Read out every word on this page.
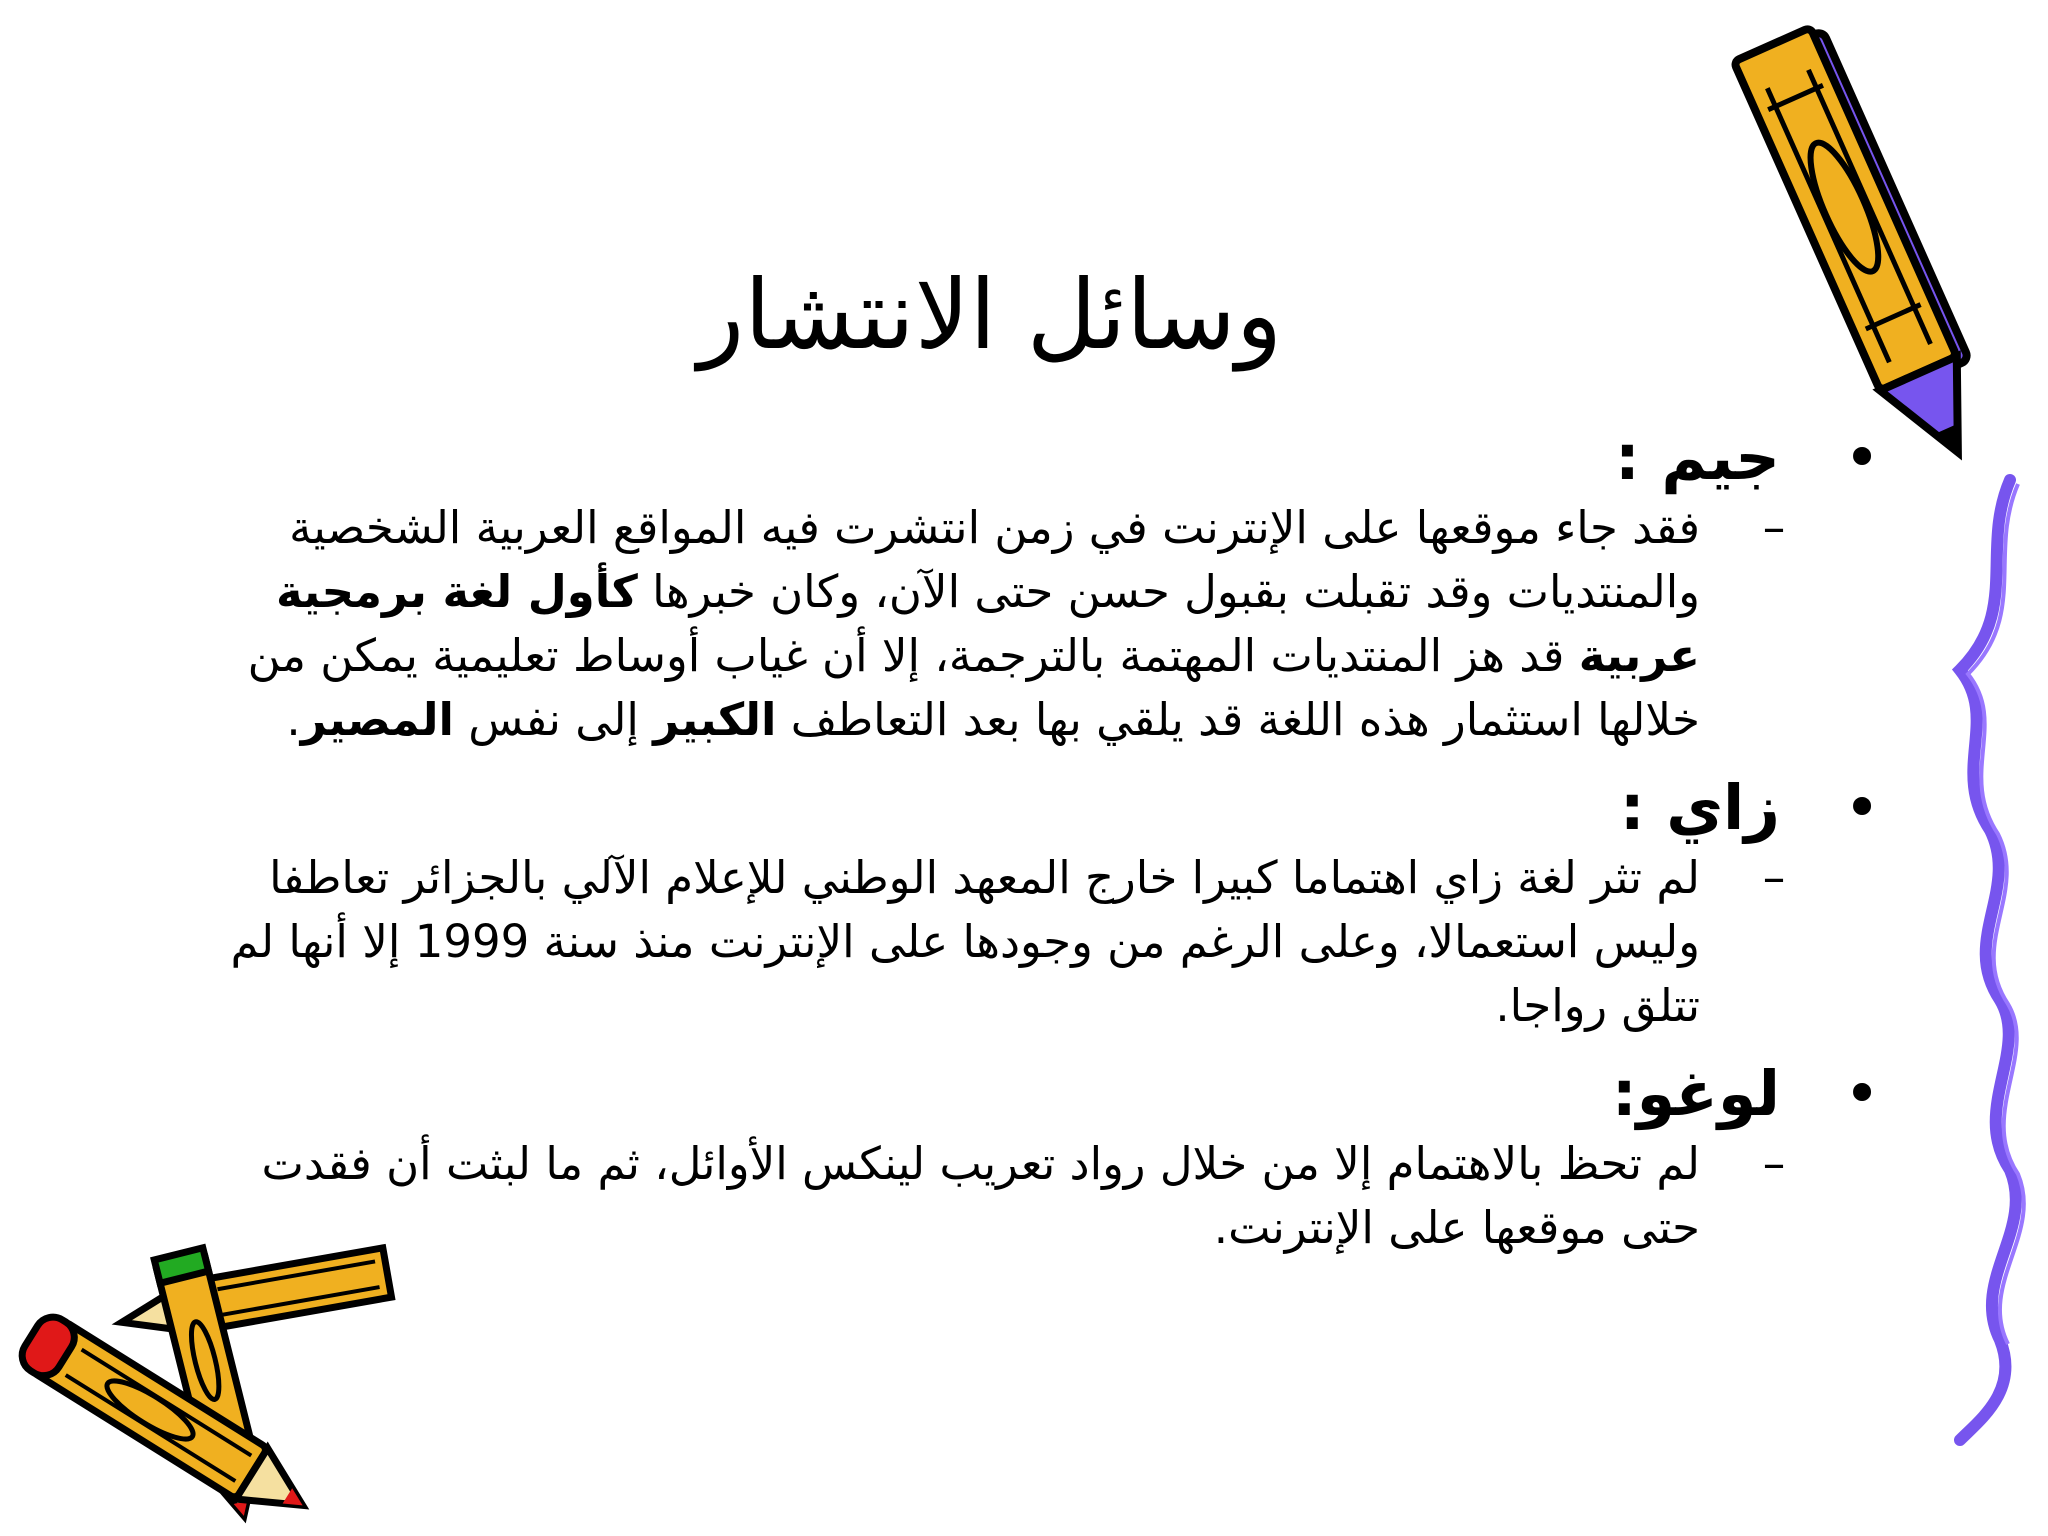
وسائل الانتشار
•
جيم :
–
فقد جاء موقعها على الإنترنت في زمن انتشرت فيه المواقع العربية الشخصية والمنتديات وقد تقبلت بقبول حسن حتى الآن، وكان خبرها كأول لغة برمجية عربية قد هز المنتديات المهتمة بالترجمة، إلا أن غياب أوساط تعليمية يمكن من خلالها استثمار هذه اللغة قد يلقي بها بعد التعاطف الكبير إلى نفس المصير.
•
زاي :
–
لم تثر لغة زاي اهتماما كبيرا خارج المعهد الوطني للإعلام الآلي بالجزائر تعاطفا وليس استعمالا، وعلى الرغم من وجودها على الإنترنت منذ سنة 1999 إلا أنها لم تتلق رواجا.
•
لوغو:
–
لم تحظ بالاهتمام إلا من خلال رواد تعريب لينكس الأوائل، ثم ما لبثت أن فقدت حتى موقعها على الإنترنت.
